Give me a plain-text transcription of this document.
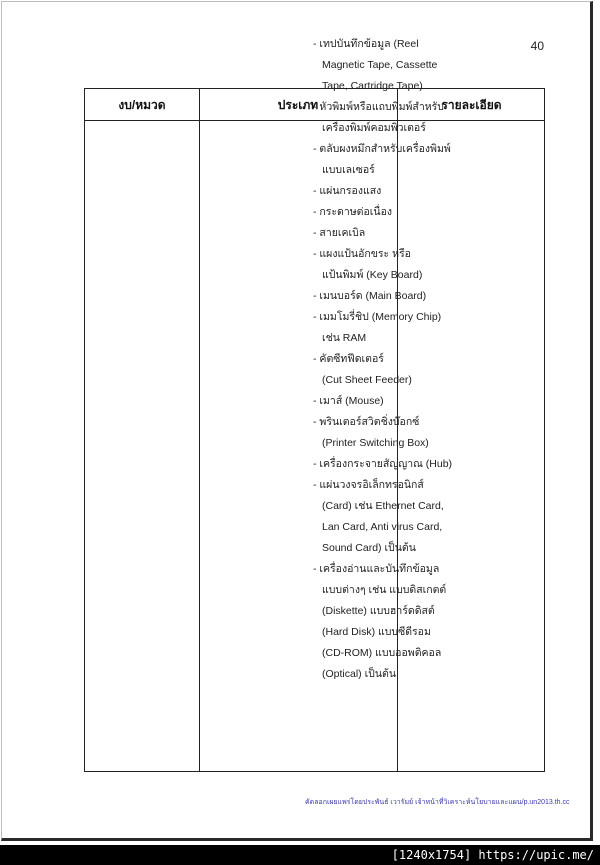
40
งบ/หมวด	ประเภท	รายละเอียด
- เทปบันทึกข้อมูล (Reel
Magnetic Tape, Cassette
Tape, Cartridge Tape)
- หัวพิมพ์หรือแถบพิมพ์สำหรับ
เครื่องพิมพ์คอมพิวเตอร์
- ตลับผงหมึกสำหรับเครื่องพิมพ์
แบบเลเซอร์
- แผ่นกรองแสง
- กระดาษต่อเนื่อง
- สายเคเบิล
- แผงแป้นอักขระ หรือ
แป้นพิมพ์ (Key Board)
- เมนบอร์ด (Main Board)
- เมมโมรี่ชิป (Memory Chip)
เช่น RAM
- คัตซีทฟีดเตอร์
(Cut Sheet Feeder)
- เมาส์ (Mouse)
- พรินเตอร์สวิตชิ่งบ๊อกซ์
(Printer Switching Box)
- เครื่องกระจายสัญญาณ (Hub)
- แผ่นวงจรอิเล็กทรอนิกส์
(Card) เช่น Ethernet Card,
Lan Card, Anti virus Card,
Sound Card) เป็นต้น
- เครื่องอ่านและบันทึกข้อมูล
แบบต่างๆ เช่น แบบดิสเกตต์
(Diskette) แบบฮาร์ดดิสต์
(Hard Disk) แบบซีดีรอม
(CD-ROM) แบบออพติคอล
(Optical) เป็นต้น
คัดลอกเผยแพร่โดยประพันธ์ เวารัมย์ เจ้าหน้าที่วิเคราะห์นโยบายและแผน/p.un2013.th.cc
[1240x1754] https://upic.me/
